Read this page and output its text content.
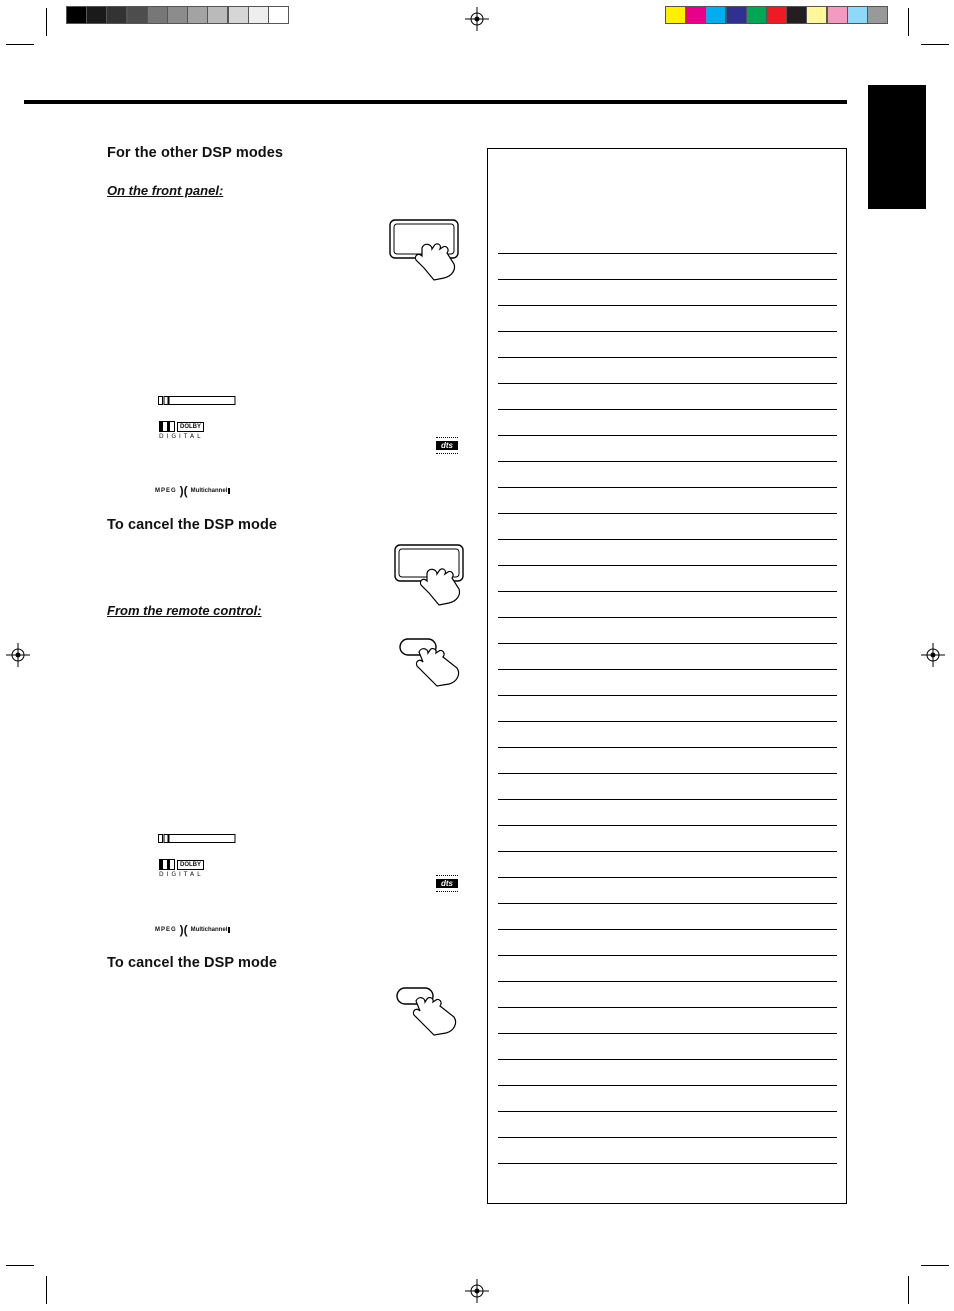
For the other DSP modes
On the front panel:
DOLBY
DIGITAL
dts
MPEG )( Multichannel
To cancel the DSP mode
From the remote control:
DOLBY
DIGITAL
dts
MPEG )( Multichannel
To cancel the DSP mode
